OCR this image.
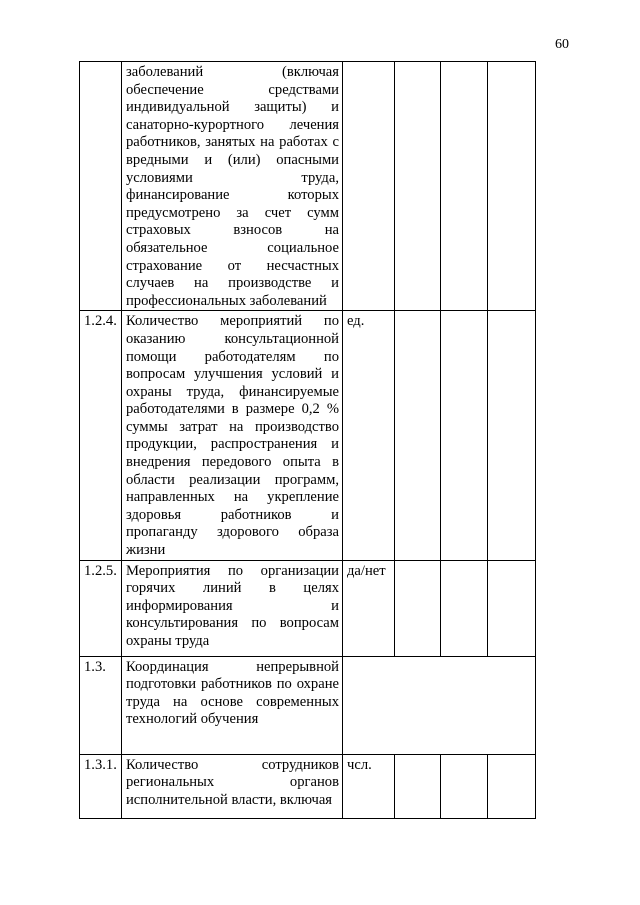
60
	заболеваний (включая обеспечение средствами индивидуальной защиты) и санаторно-курортного лечения работников, занятых на работах с вредными и (или) опасными условиями труда, финансирование которых предусмотрено за счет сумм страховых взносов на обязательное социальное страхование от несчастных случаев на производстве и профессиональных заболеваний				
1.2.4.	Количество мероприятий по оказанию консультационной помощи работодателям по вопросам улучшения условий и охраны труда, финансируемые работодателями в размере 0,2 % суммы затрат на производство продукции, распространения и внедрения передового опыта в области реализации программ, направленных на укрепление здоровья работников и пропаганду здорового образа жизни	ед.			
1.2.5.	Мероприятия по организации горячих линий в целях информирования и консультирования по вопросам охраны труда	да/нет			
1.3.	Координация непрерывной подготовки работников по охране труда на основе современных технологий обучения				
1.3.1.	Количество сотрудников региональных органов исполнительной власти, включая	чсл.			
